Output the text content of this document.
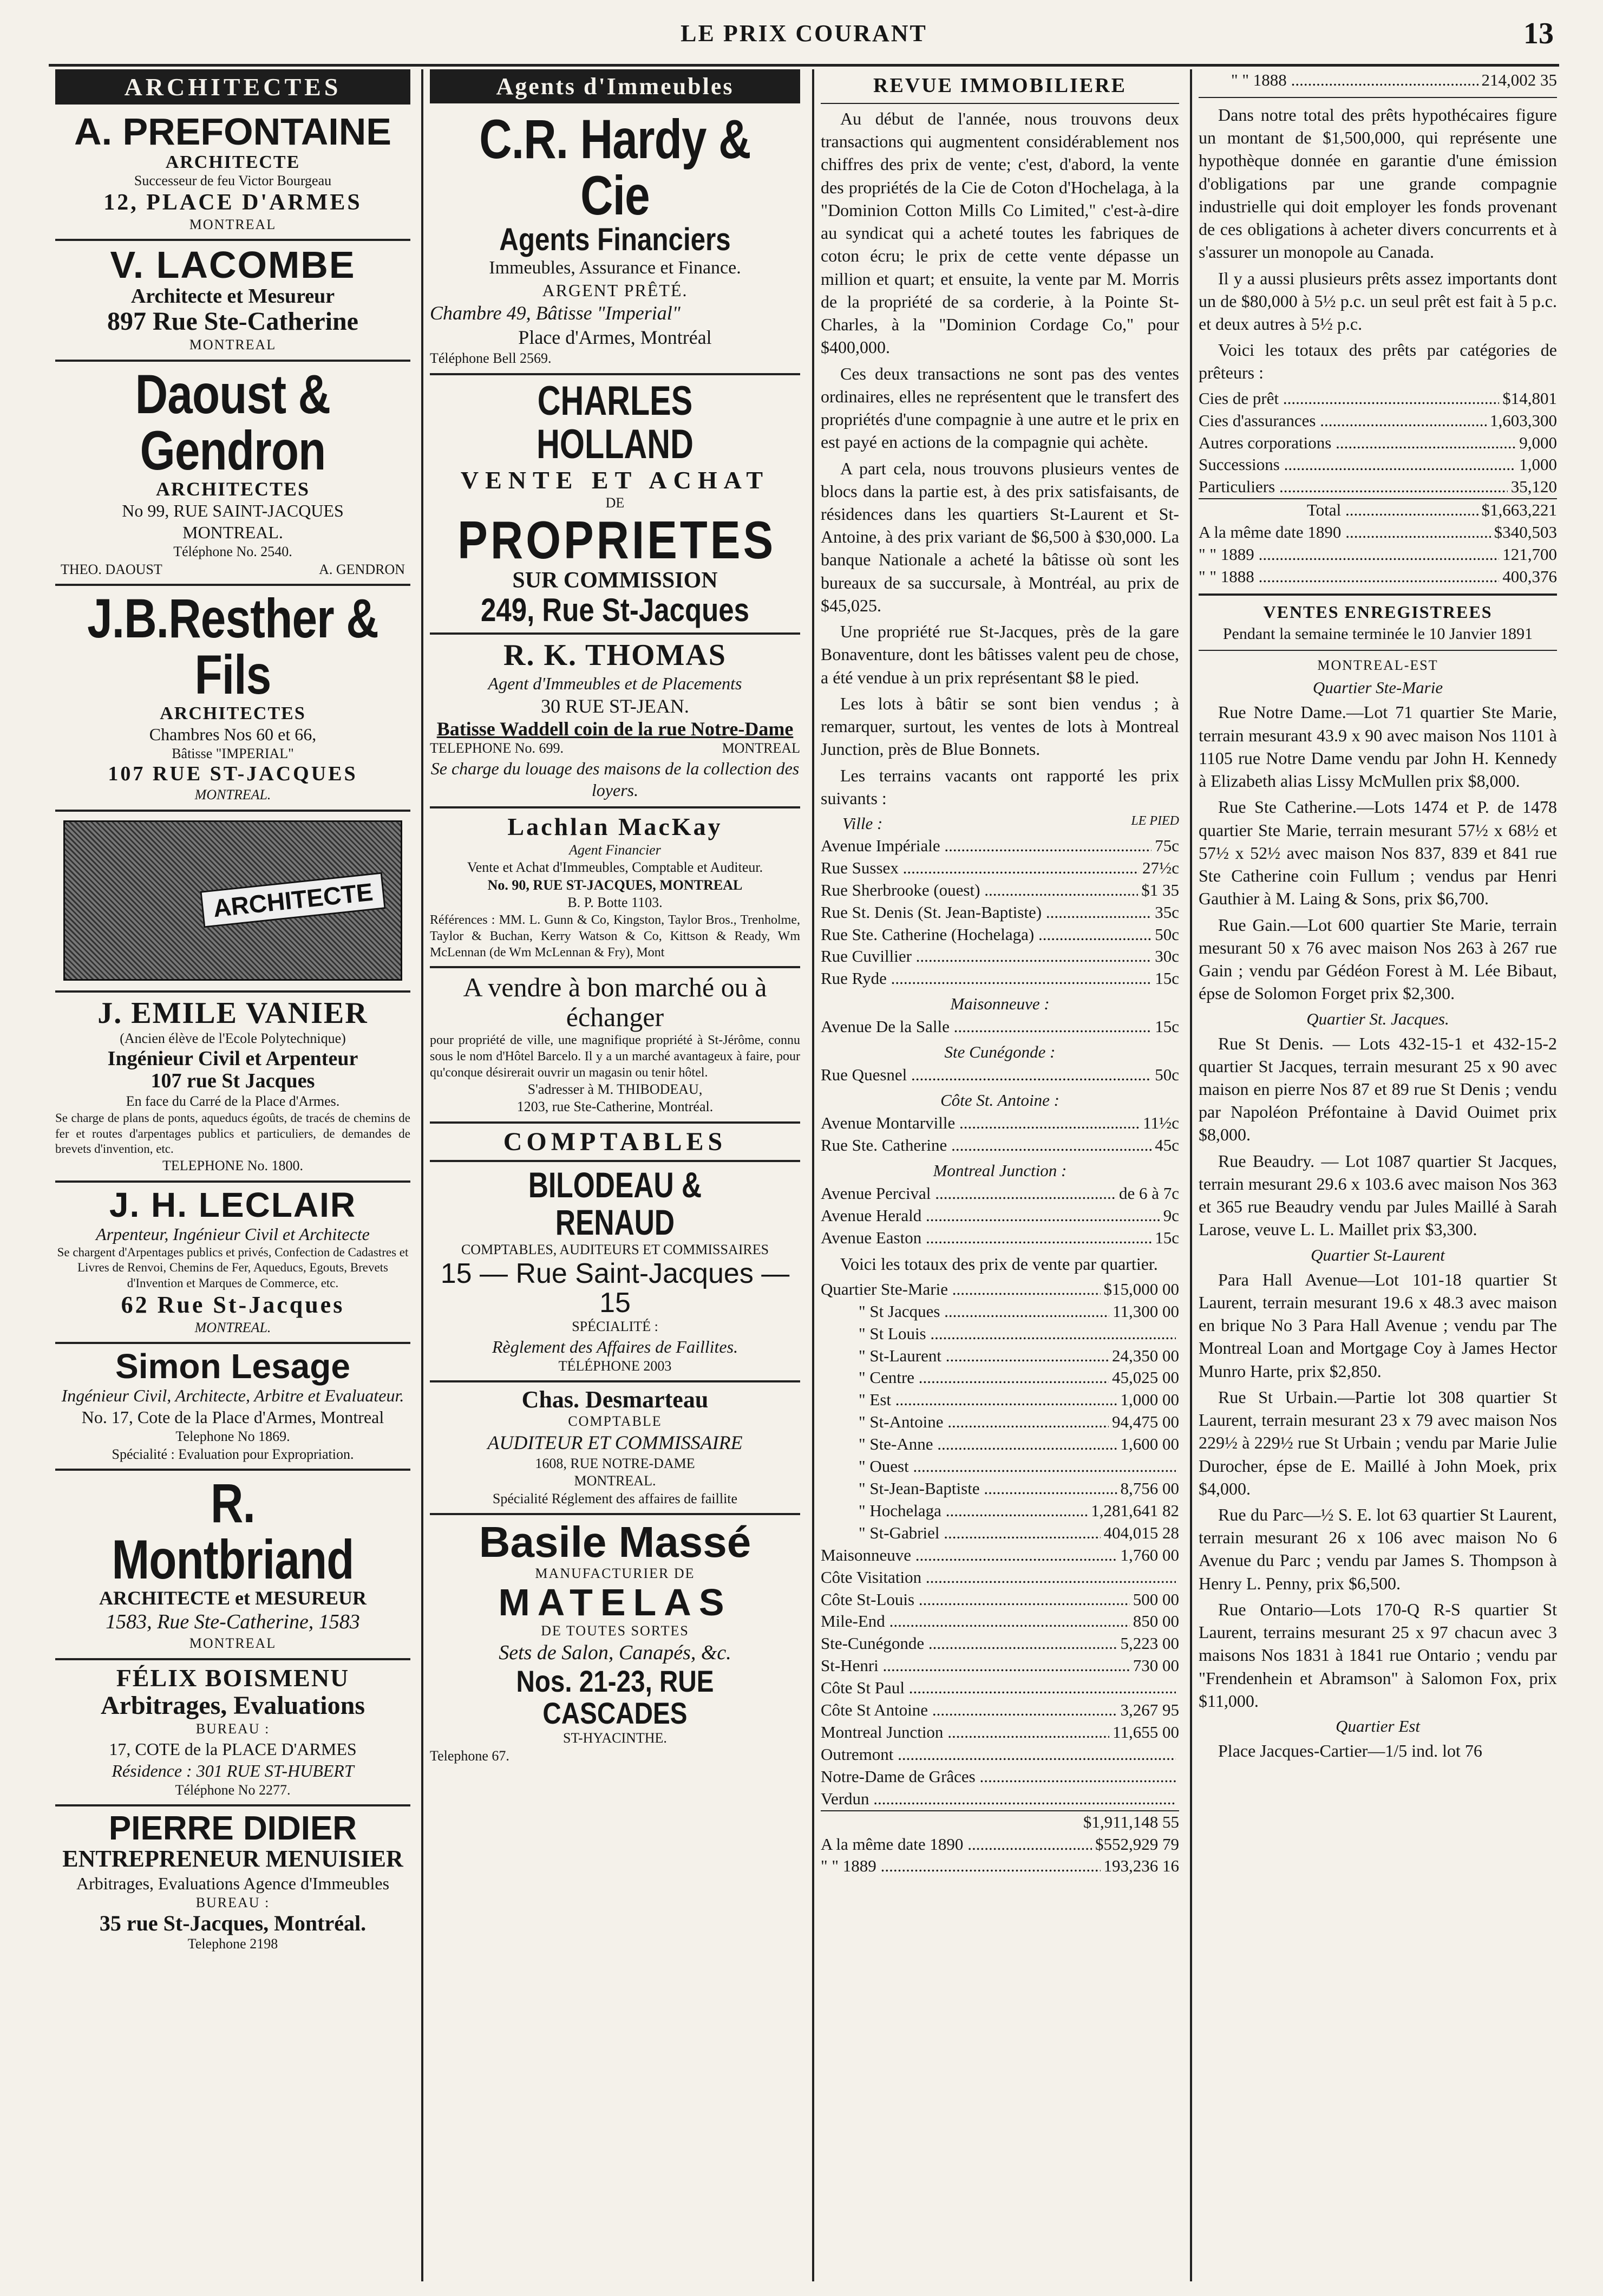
LE PRIX COURANT	13
ARCHITECTES
A. PREFONTAINE
ARCHITECTE
Successeur de feu Victor Bourgeau
12, PLACE D'ARMES
MONTREAL
V. LACOMBE
Architecte et Mesureur
897 Rue Ste-Catherine
MONTREAL
Daoust & Gendron
ARCHITECTES
No 99, RUE SAINT-JACQUES
MONTREAL.
Téléphone No. 2540.
THEO. DAOUST	A. GENDRON
J.B.Resther & Fils
ARCHITECTES
Chambres Nos 60 et 66,
Bâtisse "IMPERIAL"
107 RUE ST-JACQUES
MONTREAL.
ARCHITECTE
J. EMILE VANIER
(Ancien élève de l'Ecole Polytechnique)
Ingénieur Civil et Arpenteur
107 rue St Jacques
En face du Carré de la Place d'Armes.
Se charge de plans de ponts, aqueducs égoûts, de tracés de chemins de fer et routes d'arpentages publics et particuliers, de demandes de brevets d'invention, etc.
TELEPHONE No. 1800.
J. H. LECLAIR
Arpenteur, Ingénieur Civil et Architecte
Se chargent d'Arpentages publics et privés, Confection de Cadastres et Livres de Renvoi, Chemins de Fer, Aqueducs, Egouts, Brevets d'Invention et Marques de Commerce, etc.
62 Rue St-Jacques
MONTREAL.
Simon Lesage
Ingénieur Civil, Architecte, Arbitre et Evaluateur.
No. 17, Cote de la Place d'Armes, Montreal
Telephone No 1869.
Spécialité : Evaluation pour Expropriation.
R. Montbriand
ARCHITECTE et MESUREUR
1583, Rue Ste-Catherine, 1583
MONTREAL
FÉLIX BOISMENU
Arbitrages, Evaluations
BUREAU :
17, COTE de la PLACE D'ARMES
Résidence : 301 RUE ST-HUBERT
Téléphone No 2277.
PIERRE DIDIER
ENTREPRENEUR MENUISIER
Arbitrages, Evaluations Agence d'Immeubles
BUREAU :
35 rue St-Jacques, Montréal.
Telephone 2198
Agents d'Immeubles
C.R. Hardy & Cie
Agents Financiers
Immeubles, Assurance et Finance.
ARGENT PRÊTÉ.
Chambre 49, Bâtisse "Imperial"
Place d'Armes, Montréal
Téléphone Bell 2569.
CHARLES HOLLAND
VENTE ET ACHAT
DE
PROPRIETES
SUR COMMISSION
249, Rue St-Jacques
R. K. THOMAS
Agent d'Immeubles et de Placements
30 RUE ST-JEAN.
Batisse Waddell coin de la rue Notre-Dame
TELEPHONE No. 699.	MONTREAL
Se charge du louage des maisons de la collection des loyers.
Lachlan MacKay
Agent Financier
Vente et Achat d'Immeubles, Comptable et Auditeur.
No. 90, RUE ST-JACQUES, MONTREAL
B. P. Botte 1103.
Références : MM. L. Gunn & Co, Kingston, Taylor Bros., Trenholme, Taylor & Buchan, Kerry Watson & Co, Kittson & Ready, Wm McLennan (de Wm McLennan & Fry), Mont
A vendre à bon marché ou à échanger
pour propriété de ville, une magnifique propriété à St-Jérôme, connu sous le nom d'Hôtel Barcelo. Il y a un marché avantageux à faire, pour qu'conque désirerait ouvrir un magasin ou tenir hôtel.
S'adresser à M. THIBODEAU,
1203, rue Ste-Catherine, Montréal.
COMPTABLES
BILODEAU & RENAUD
COMPTABLES, AUDITEURS ET COMMISSAIRES
15 — Rue Saint-Jacques — 15
SPÉCIALITÉ :
Règlement des Affaires de Faillites.
TÉLÉPHONE 2003
Chas. Desmarteau
COMPTABLE
AUDITEUR ET COMMISSAIRE
1608, RUE NOTRE-DAME
MONTREAL.
Spécialité Réglement des affaires de faillite
Basile Massé
MANUFACTURIER DE
MATELAS
DE TOUTES SORTES
Sets de Salon, Canapés, &c.
Nos. 21-23, RUE CASCADES
ST-HYACINTHE.
Telephone 67.
REVUE IMMOBILIERE
Au début de l'année, nous trouvons deux transactions qui augmentent considérablement nos chiffres des prix de vente; c'est, d'abord, la vente des propriétés de la Cie de Coton d'Hochelaga, à la "Dominion Cotton Mills Co Limited," c'est-à-dire au syndicat qui a acheté toutes les fabriques de coton écru; le prix de cette vente dépasse un million et quart; et ensuite, la vente par M. Morris de la propriété de sa corderie, à la Pointe St-Charles, à la "Dominion Cordage Co," pour $400,000.
Ces deux transactions ne sont pas des ventes ordinaires, elles ne représentent que le transfert des propriétés d'une compagnie à une autre et le prix en est payé en actions de la compagnie qui achète.
A part cela, nous trouvons plusieurs ventes de blocs dans la partie est, à des prix satisfaisants, de résidences dans les quartiers St-Laurent et St-Antoine, à des prix variant de $6,500 à $30,000. La banque Nationale a acheté la bâtisse où sont les bureaux de sa succursale, à Montréal, au prix de $45,025.
Une propriété rue St-Jacques, près de la gare Bonaventure, dont les bâtisses valent peu de chose, a été vendue à un prix représentant $8 le pied.
Les lots à bâtir se sont bien vendus ; à remarquer, surtout, les ventes de lots à Montreal Junction, près de Blue Bonnets.
Les terrains vacants ont rapporté les prix suivants :
Ville :	LE PIED
Avenue Impériale .....	75c
Rue Sussex .....	27½c
Rue Sherbrooke (ouest) .....	$1 35
Rue St. Denis (St. Jean-Baptiste) .....	35c
Rue Ste. Catherine (Hochelaga) .....	50c
Rue Cuvillier .....	30c
Rue Ryde .....	15c
Maisonneuve :
Avenue De la Salle .....	15c
Ste Cunégonde :
Rue Quesnel .....	50c
Côte St. Antoine :
Avenue Montarville .....	11½c
Rue Ste. Catherine .....	45c
Montreal Junction :
Avenue Percival .....	de 6 à 7c
Avenue Herald .....	9c
Avenue Easton .....	15c
Voici les totaux des prix de vente par quartier.
Quartier Ste-Marie .....	$15,000 00
" St Jacques .....	11,300 00
" St Louis .....
" St-Laurent .....	24,350 00
" Centre .....	45,025 00
" Est .....	1,000 00
" St-Antoine .....	94,475 00
" Ste-Anne .....	1,600 00
" Ouest .....
" St-Jean-Baptiste .....	8,756 00
" Hochelaga .....	1,281,641 82
" St-Gabriel .....	404,015 28
Maisonneuve .....	1,760 00
Côte Visitation .....
Côte St-Louis .....	500 00
Mile-End .....	850 00
Ste-Cunégonde .....	5,223 00
St-Henri .....	730 00
Côte St Paul .....
Côte St Antoine .....	3,267 95
Montreal Junction .....	11,655 00
Outremont .....
Notre-Dame de Grâces .....
Verdun .....
$1,911,148 55
A la même date 1890 .....	$552,929 79
" " 1889 .....	193,236 16
" " 1888 .....	214,002 35
Dans notre total des prêts hypothécaires figure un montant de $1,500,000, qui représente une hypothèque donnée en garantie d'une émission d'obligations par une grande compagnie industrielle qui doit employer les fonds provenant de ces obligations à acheter divers concurrents et à s'assurer un monopole au Canada.
Il y a aussi plusieurs prêts assez importants dont un de $80,000 à 5½ p.c. un seul prêt est fait à 5 p.c. et deux autres à 5½ p.c.
Voici les totaux des prêts par catégories de prêteurs :
Cies de prêt .....	$14,801
Cies d'assurances .....	1,603,300
Autres corporations .....	9,000
Successions .....	1,000
Particuliers .....	35,120
Total .....	$1,663,221
A la même date 1890 .....	$340,503
" " 1889 .....	121,700
" " 1888 .....	400,376
VENTES ENREGISTREES
Pendant la semaine terminée le 10 Janvier 1891
MONTREAL-EST
Quartier Ste-Marie
Rue Notre Dame.—Lot 71 quartier Ste Marie, terrain mesurant 43.9 x 90 avec maison Nos 1101 à 1105 rue Notre Dame vendu par John H. Kennedy à Elizabeth alias Lissy McMullen prix $8,000.
Rue Ste Catherine.—Lots 1474 et P. de 1478 quartier Ste Marie, terrain mesurant 57½ x 68½ et 57½ x 52½ avec maison Nos 837, 839 et 841 rue Ste Catherine coin Fullum ; vendus par Henri Gauthier à M. Laing & Sons, prix $6,700.
Rue Gain.—Lot 600 quartier Ste Marie, terrain mesurant 50 x 76 avec maison Nos 263 à 267 rue Gain ; vendu par Gédéon Forest à M. Lée Bibaut, épse de Solomon Forget prix $2,300.
Quartier St. Jacques.
Rue St Denis. — Lots 432-15-1 et 432-15-2 quartier St Jacques, terrain mesurant 25 x 90 avec maison en pierre Nos 87 et 89 rue St Denis ; vendu par Napoléon Préfontaine à David Ouimet prix $8,000.
Rue Beaudry. — Lot 1087 quartier St Jacques, terrain mesurant 29.6 x 103.6 avec maison Nos 363 et 365 rue Beaudry vendu par Jules Maillé à Sarah Larose, veuve L. L. Maillet prix $3,300.
Quartier St-Laurent
Para Hall Avenue—Lot 101-18 quartier St Laurent, terrain mesurant 19.6 x 48.3 avec maison en brique No 3 Para Hall Avenue ; vendu par The Montreal Loan and Mortgage Coy à James Hector Munro Harte, prix $2,850.
Rue St Urbain.—Partie lot 308 quartier St Laurent, terrain mesurant 23 x 79 avec maison Nos 229½ à 229½ rue St Urbain ; vendu par Marie Julie Durocher, épse de E. Maillé à John Moek, prix $4,000.
Rue du Parc—½ S. E. lot 63 quartier St Laurent, terrain mesurant 26 x 106 avec maison No 6 Avenue du Parc ; vendu par James S. Thompson à Henry L. Penny, prix $6,500.
Rue Ontario—Lots 170-Q R-S quartier St Laurent, terrains mesurant 25 x 97 chacun avec 3 maisons Nos 1831 à 1841 rue Ontario ; vendu par "Frendenhein et Abramson" à Salomon Fox, prix $11,000.
Quartier Est
Place Jacques-Cartier—1/5 ind. lot 76
